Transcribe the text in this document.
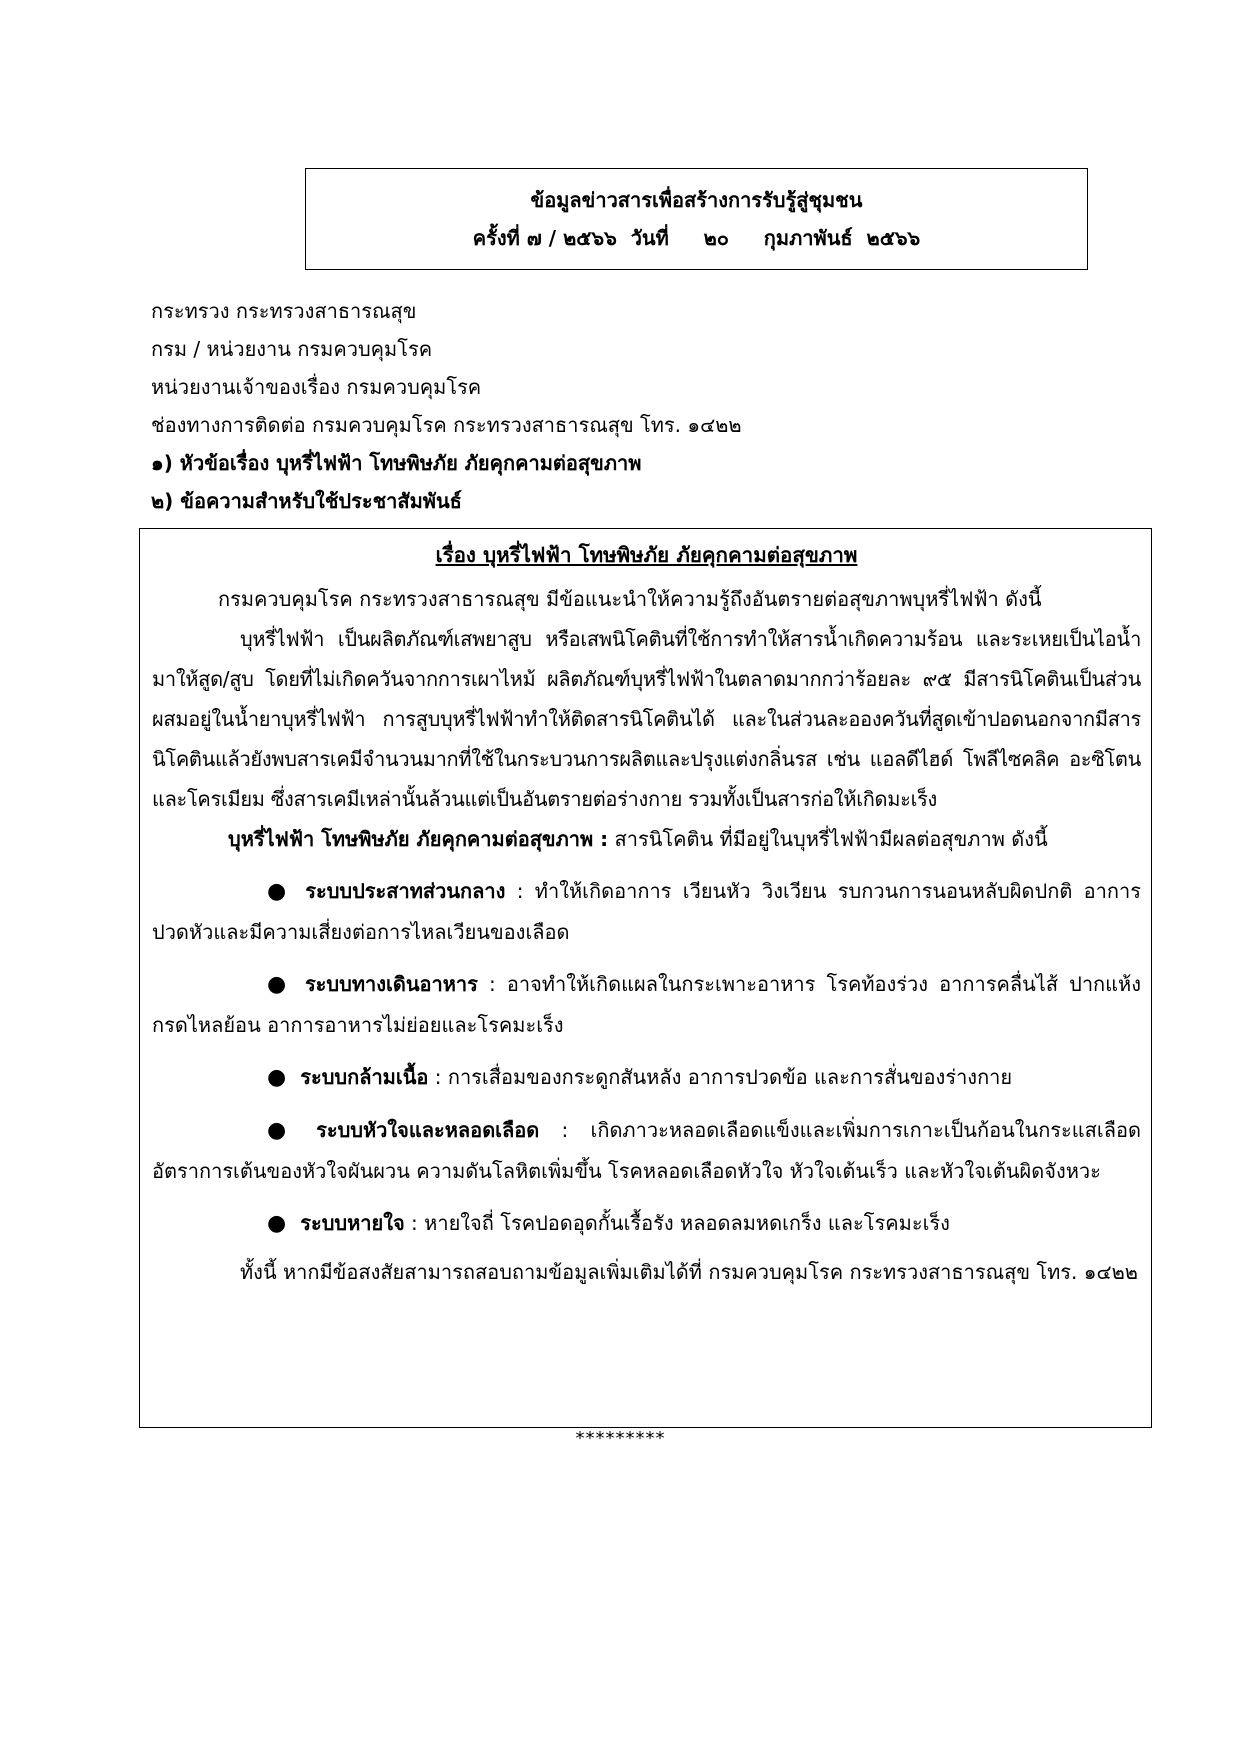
ข้อมูลข่าวสารเพื่อสร้างการรับรู้สู่ชุมชน
ครั้งที่ ๗ / ๒๕๖๖  วันที่     ๒๐     กุมภาพันธ์  ๒๕๖๖
กระทรวง กระทรวงสาธารณสุข
กรม / หน่วยงาน กรมควบคุมโรค
หน่วยงานเจ้าของเรื่อง กรมควบคุมโรค
ช่องทางการติดต่อ กรมควบคุมโรค กระทรวงสาธารณสุข โทร. ๑๔๒๒
๑) หัวข้อเรื่อง บุหรี่ไฟฟ้า โทษพิษภัย ภัยคุกคามต่อสุขภาพ
๒) ข้อความสำหรับใช้ประชาสัมพันธ์
เรื่อง บุหรี่ไฟฟ้า โทษพิษภัย ภัยคุกคามต่อสุขภาพ

กรมควบคุมโรค กระทรวงสาธารณสุข มีข้อแนะนำให้ความรู้ถึงอันตรายต่อสุขภาพบุหรี่ไฟฟ้า ดังนี้

บุหรี่ไฟฟ้า เป็นผลิตภัณฑ์เสพยาสูบ หรือเสพนิโคตินที่ใช้การทำให้สารน้ำเกิดความร้อน และระเหยเป็นไอน้ำมาให้สูด/สูบ โดยที่ไม่เกิดควันจากการเผาไหม้ ผลิตภัณฑ์บุหรี่ไฟฟ้าในตลาดมากกว่าร้อยละ ๙๕ มีสารนิโคตินเป็นส่วนผสมอยู่ในน้ำยาบุหรี่ไฟฟ้า การสูบบุหรี่ไฟฟ้าทำให้ติดสารนิโคตินได้ และในส่วนละอองควันที่สูดเข้าปอดนอกจากมีสารนิโคตินแล้วยังพบสารเคมีจำนวนมากที่ใช้ในกระบวนการผลิตและปรุงแต่งกลิ่นรส เช่น แอลดีไฮด์ โพลีไซคลิค อะซิโตนและโครเมียม ซึ่งสารเคมีเหล่านั้นล้วนแต่เป็นอันตรายต่อร่างกาย รวมทั้งเป็นสารก่อให้เกิดมะเร็ง

บุหรี่ไฟฟ้า โทษพิษภัย ภัยคุกคามต่อสุขภาพ : สารนิโคติน ที่มีอยู่ในบุหรี่ไฟฟ้ามีผลต่อสุขภาพ ดังนี้

● ระบบประสาทส่วนกลาง : ทำให้เกิดอาการ เวียนหัว วิงเวียน รบกวนการนอนหลับผิดปกติ อาการปวดหัวและมีความเสี่ยงต่อการไหลเวียนของเลือด

● ระบบทางเดินอาหาร : อาจทำให้เกิดแผลในกระเพาะอาหาร โรคท้องร่วง อาการคลื่นไส้ ปากแห้ง กรดไหลย้อน อาการอาหารไม่ย่อยและโรคมะเร็ง

● ระบบกล้ามเนื้อ : การเสื่อมของกระดูกสันหลัง อาการปวดข้อ และการสั่นของร่างกาย

● ระบบหัวใจและหลอดเลือด : เกิดภาวะหลอดเลือดแข็งและเพิ่มการเกาะเป็นก้อนในกระแสเลือด อัตราการเต้นของหัวใจผันผวน ความดันโลหิตเพิ่มขึ้น โรคหลอดเลือดหัวใจ หัวใจเต้นเร็ว และหัวใจเต้นผิดจังหวะ

● ระบบหายใจ : หายใจถี่ โรคปอดอุดกั้นเรื้อรัง หลอดลมหดเกร็ง และโรคมะเร็ง

ทั้งนี้ หากมีข้อสงสัยสามารถสอบถามข้อมูลเพิ่มเติมได้ที่ กรมควบคุมโรค กระทรวงสาธารณสุข โทร. ๑๔๒๒

*********
